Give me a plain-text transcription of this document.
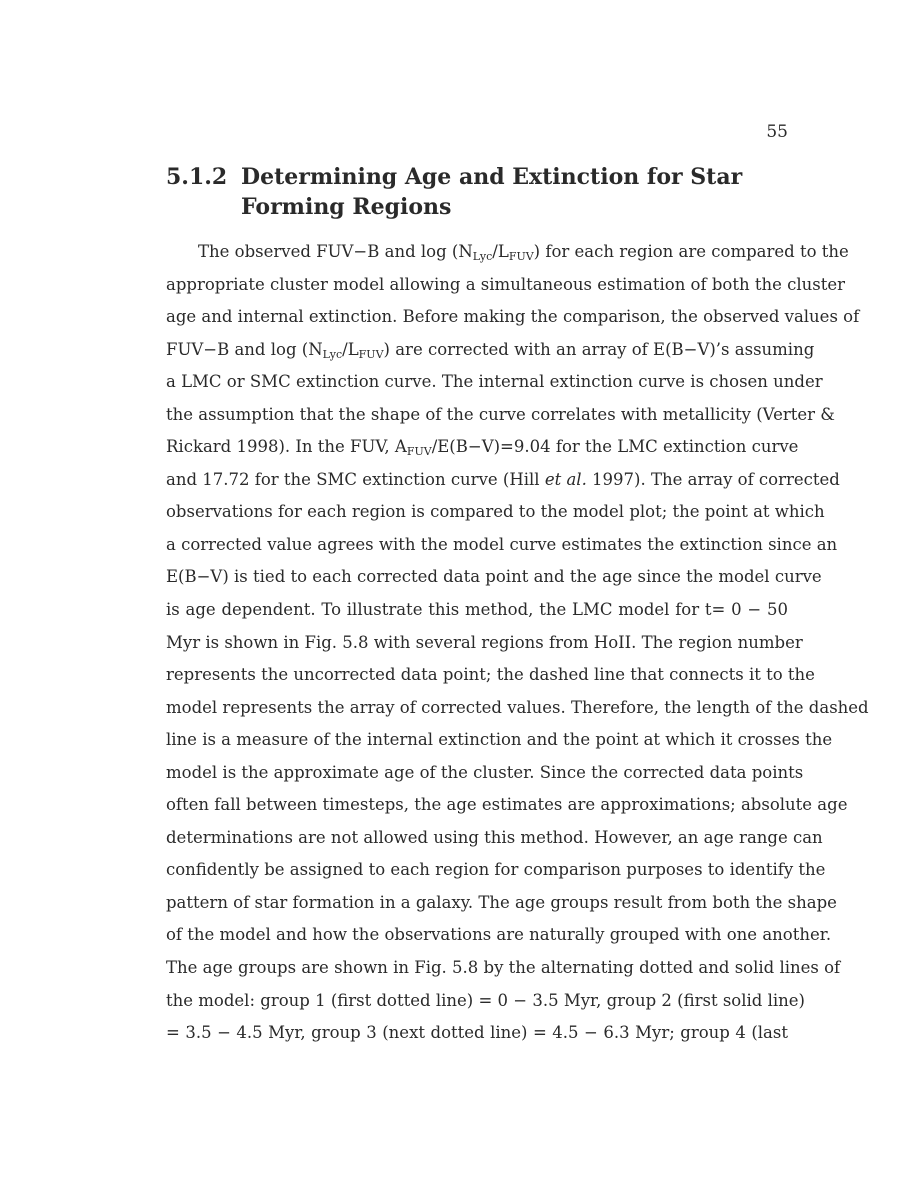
55
5.1.2 Determining Age and Extinction for Star Forming Regions
The observed FUV−B and $\log (N_{Lyc}/L_{FUV})$ for each region are compared to the
appropriate cluster model allowing a simultaneous estimation of both the cluster
age and internal extinction. Before making the comparison, the observed values of
FUV−B and $\log (N_{Lyc}/L_{FUV})$ are corrected with an array of E(B−V)’s assuming
a LMC or SMC extinction curve. The internal extinction curve is chosen under
the assumption that the shape of the curve correlates with metallicity (Verter &
Rickard 1998). In the FUV, $A_{FUV}/E(B-V)=9.04$ for the LMC extinction curve
and 17.72 for the SMC extinction curve (Hill et al. 1997). The array of corrected
observations for each region is compared to the model plot; the point at which
a corrected value agrees with the model curve estimates the extinction since an
E(B−V) is tied to each corrected data point and the age since the model curve
is age dependent. To illustrate this method, the LMC model for t= 0 − 50
Myr is shown in Fig. 5.8 with several regions from HoII. The region number
represents the uncorrected data point; the dashed line that connects it to the
model represents the array of corrected values. Therefore, the length of the dashed
line is a measure of the internal extinction and the point at which it crosses the
model is the approximate age of the cluster. Since the corrected data points
often fall between timesteps, the age estimates are approximations; absolute age
determinations are not allowed using this method. However, an age range can
confidently be assigned to each region for comparison purposes to identify the
pattern of star formation in a galaxy. The age groups result from both the shape
of the model and how the observations are naturally grouped with one another.
The age groups are shown in Fig. 5.8 by the alternating dotted and solid lines of
the model: group 1 (first dotted line) = 0 − 3.5 Myr, group 2 (first solid line)
= 3.5 − 4.5 Myr, group 3 (next dotted line) = 4.5 − 6.3 Myr; group 4 (last
